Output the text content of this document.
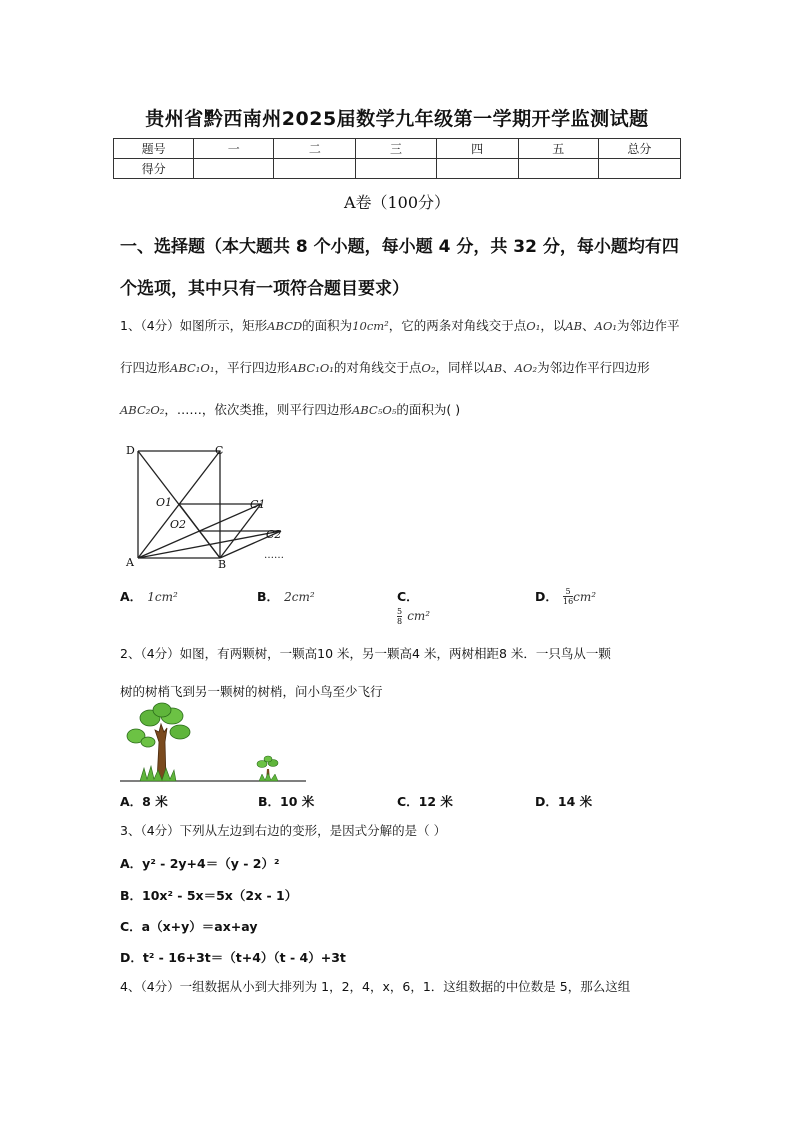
贵州省黔西南州2025届数学九年级第一学期开学监测试题
题号	一	二	三	四	五	总分
得分						
A卷（100分）
一、选择题（本大题共 8 个小题，每小题 4 分，共 32 分，每小题均有四个选项，其中只有一项符合题目要求）
1、（4分）如图所示，矩形ABCD的面积为10cm²，它的两条对角线交于点O₁，以AB、AO₁为邻边作平行四边形ABC₁O₁，平行四边形ABC₁O₁的对角线交于点O₂，同样以AB、AO₂为邻边作平行四边形ABC₂O₂，……，依次类推，则平行四边形ABC₅O₅的面积为( )
D	C
O1
O2
C1
C2
A	B
……
A． 1cm²	B． 2cm²	C．

$\frac{5}{8} cm^2$
D． $\frac{5}{16} cm^2$
2、（4分）如图，有两颗树，一颗高10 米，另一颗高4 米，两树相距8 米．一只鸟从一颗
树的树梢飞到另一颗树的树梢，问小鸟至少飞行
A．8 米	B．10 米	C．12 米	D．14 米
3、（4分）下列从左边到右边的变形，是因式分解的是（ ）
A．y² - 2y+4＝（y - 2）²
B．10x² - 5x＝5x（2x - 1）
C．a（x+y）＝ax+ay
D．t² - 16+3t＝（t+4）（t - 4）+3t
4、（4分）一组数据从小到大排列为 1，2，4，x，6，1．这组数据的中位数是 5，那么这组
